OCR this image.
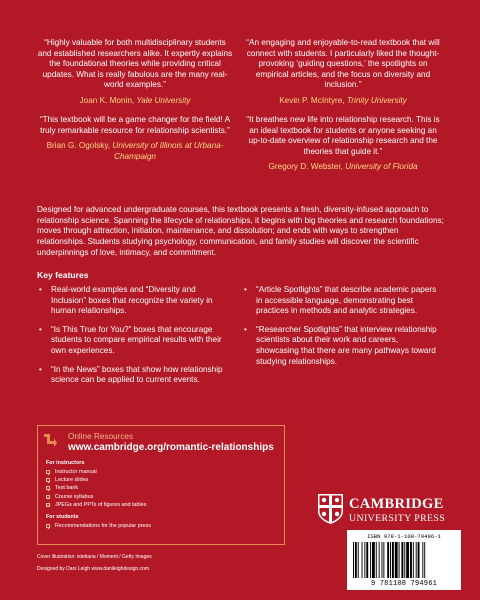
“Highly valuable for both multidisciplinary students and established researchers alike. It expertly explains the foundational theories while providing critical updates. What is really fabulous are the many real-world examples.”
Joan K. Monin, Yale University
“An engaging and enjoyable-to-read textbook that will connect with students. I particularly liked the thought-provoking ‘guiding questions,’ the spotlights on empirical articles, and the focus on diversity and inclusion.”
Kevin P. McIntyre, Trinity University
“This textbook will be a game changer for the field! A truly remarkable resource for relationship scientists.”
Brian G. Ogolsky, University of Illinois at Urbana-Champaign
“It breathes new life into relationship research. This is an ideal textbook for students or anyone seeking an up-to-date overview of relationship research and the theories that guide it.”
Gregory D. Webster, University of Florida
Designed for advanced undergraduate courses, this textbook presents a fresh, diversity-infused approach to relationship science. Spanning the lifecycle of relationships, it begins with big theories and research foundations; moves through attraction, initiation, maintenance, and dissolution; and ends with ways to strengthen relationships. Students studying psychology, communication, and family studies will discover the scientific underpinnings of love, intimacy, and commitment.
Key features
• Real-world examples and “Diversity and Inclusion” boxes that recognize the variety in human relationships.
• “Is This True for You?” boxes that encourage students to compare empirical results with their own experiences.
• “In the News” boxes that show how relationship science can be applied to current events.
• “Article Spotlights” that describe academic papers in accessible language, demonstrating best practices in methods and analytic strategies.
• “Researcher Spotlights” that interview relationship scientists about their work and careers, showcasing that there are many pathways toward studying relationships.
Online Resources
www.cambridge.org/romantic-relationships
For instructors
Instructor manual
Lecture slides
Test bank
Course syllabus
JPEGs and PPTs of figures and tables
For students
Recommendations for the popular press
Cover illustration: istetiana / Moment / Getty Images
Designed by Dani Leigh www.danileighdesign.com
CAMBRIDGE
UNIVERSITY PRESS
ISBN 978-1-108-79496-1
9 781108 794961
